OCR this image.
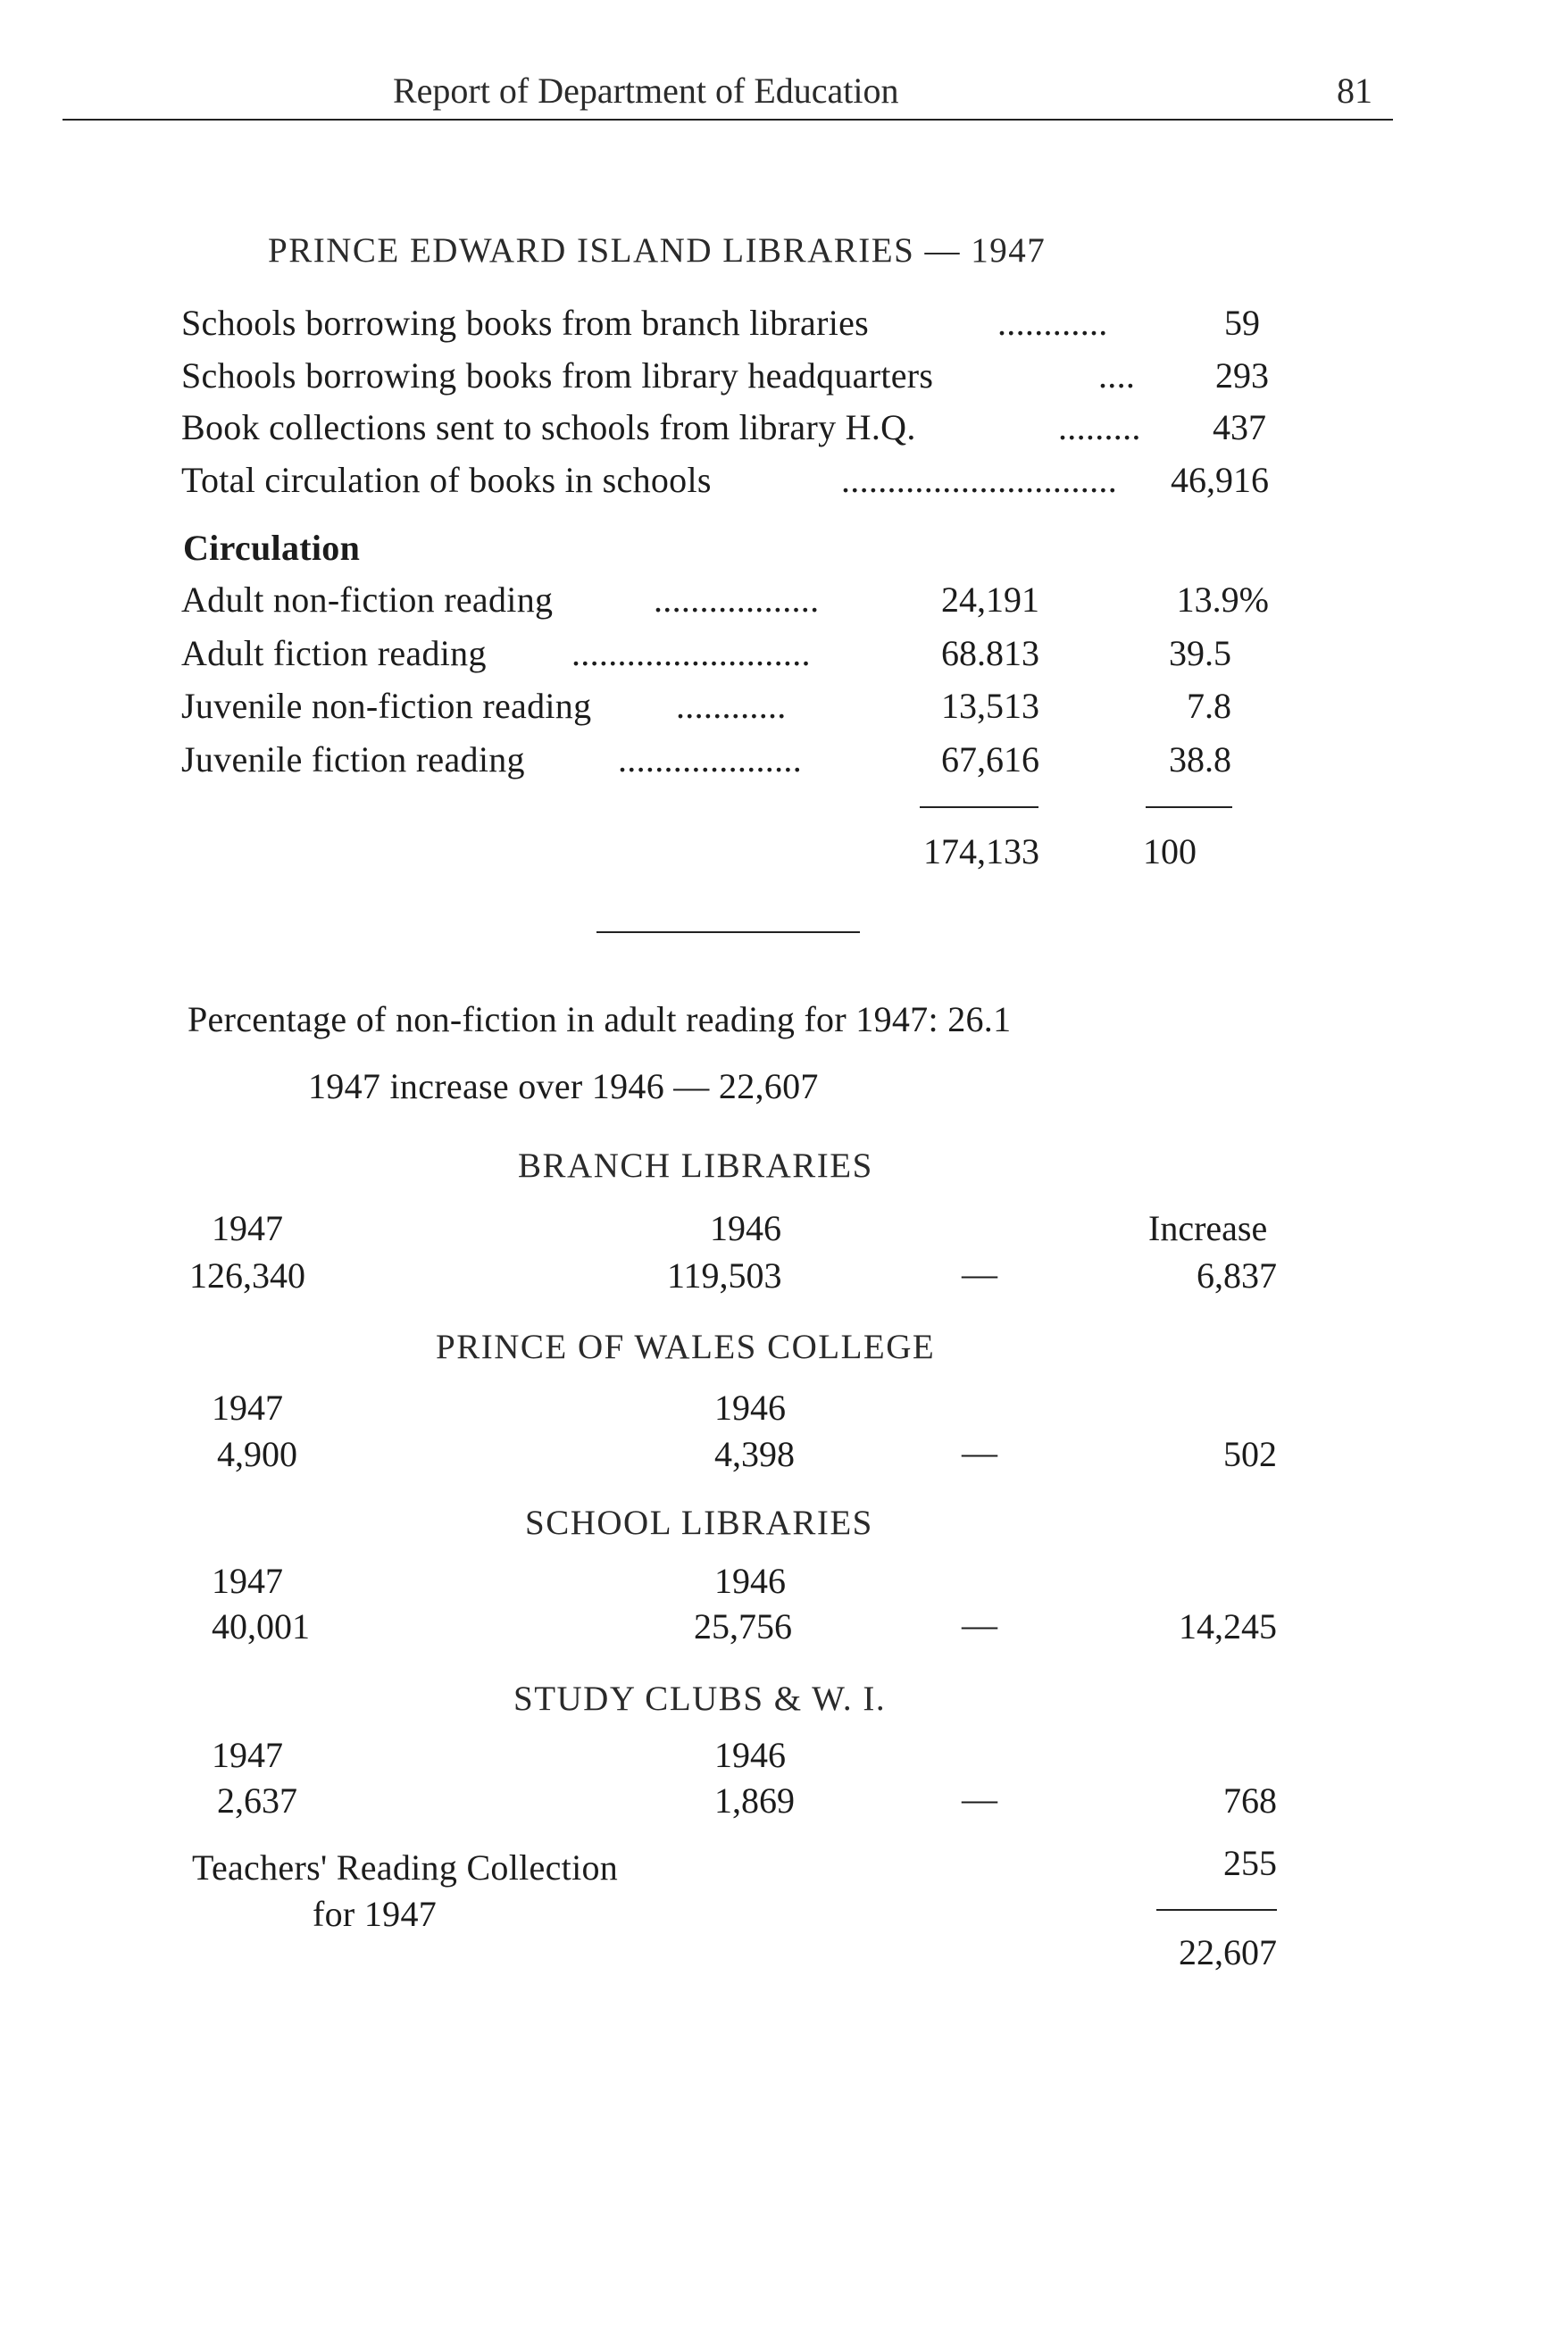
Report of Department of Education	81
PRINCE EDWARD ISLAND LIBRARIES — 1947
Schools borrowing books from branch libraries	............	59
Schools borrowing books from library headquarters	.... 293
Book collections sent to schools from library H.Q.	......... 437
Total circulation of books in schools	.............................. 46,916
Circulation
Adult non-fiction reading	..................	24,191	13.9%
Adult fiction reading ..........................	68.813	39.5
Juvenile non-fiction reading ............	13,513	7.8
Juvenile fiction reading	....................	67,616	38.8
174,133	100
Percentage of non-fiction in adult reading for 1947: 26.1
1947 increase over 1946 — 22,607
BRANCH LIBRARIES
1947	1946	Increase
126,340	119,503	—	6,837
PRINCE OF WALES COLLEGE
1947	1946
4,900	4,398	—	502
SCHOOL LIBRARIES
1947	1946
40,001	25,756	—	14,245
STUDY CLUBS & W. I.
1947	1946
2,637	1,869	—	768
Teachers' Reading Collection
for 1947
255
22,607
